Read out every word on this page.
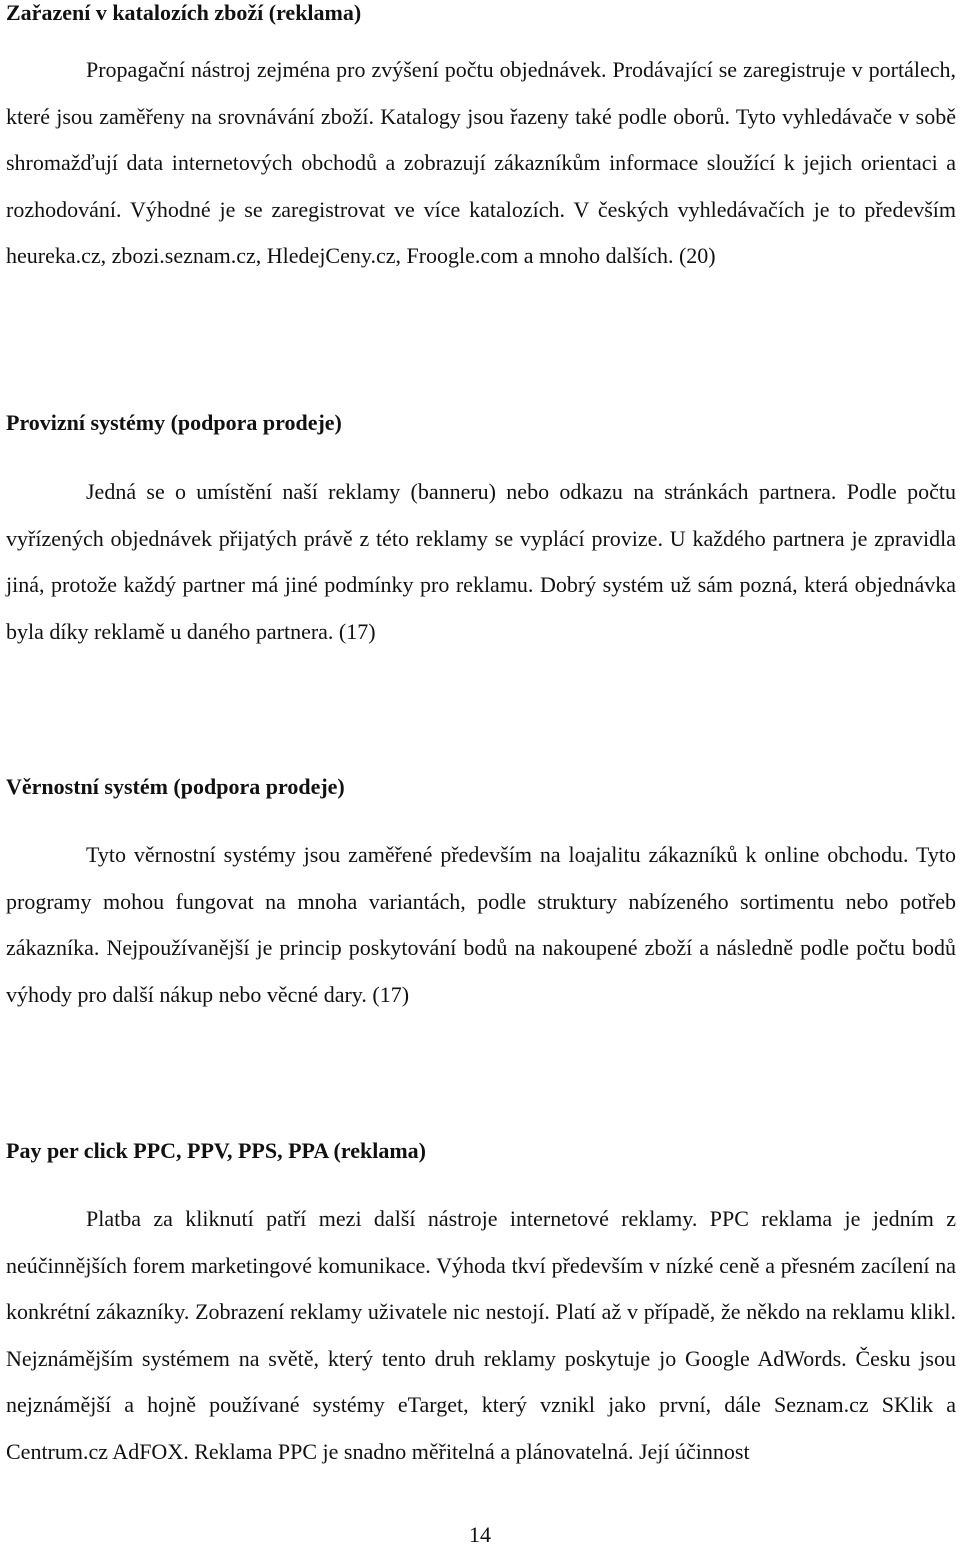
Zařazení v katalozích zboží (reklama)

Propagační nástroj zejména pro zvýšení počtu objednávek. Prodávající se zaregistruje v portálech, které jsou zaměřeny na srovnávání zboží. Katalogy jsou řazeny také podle oborů. Tyto vyhledávače v sobě shromažďují data internetových obchodů a zobrazují zákazníkům informace sloužící k jejich orientaci a rozhodování. Výhodné je se zaregistrovat ve více katalozích. V českých vyhledávačích je to především heureka.cz, zbozi.seznam.cz, HledejCeny.cz, Froogle.com a mnoho dalších. (20)

Provizní systémy (podpora prodeje)

Jedná se o umístění naší reklamy (banneru) nebo odkazu na stránkách partnera. Podle počtu vyřízených objednávek přijatých právě z této reklamy se vyplácí provize. U každého partnera je zpravidla jiná, protože každý partner má jiné podmínky pro reklamu. Dobrý systém už sám pozná, která objednávka byla díky reklamě u daného partnera. (17)

Věrnostní systém (podpora prodeje)

Tyto věrnostní systémy jsou zaměřené především na loajalitu zákazníků k online obchodu. Tyto programy mohou fungovat na mnoha variantách, podle struktury nabízeného sortimentu nebo potřeb zákazníka. Nejpoužívanější je princip poskytování bodů na nakoupené zboží a následně podle počtu bodů výhody pro další nákup nebo věcné dary. (17)

Pay per click PPC, PPV, PPS, PPA (reklama)

Platba za kliknutí patří mezi další nástroje internetové reklamy. PPC reklama je jedním z neúčinnějších forem marketingové komunikace. Výhoda tkví především v nízké ceně a přesném zacílení na konkrétní zákazníky. Zobrazení reklamy uživatele nic nestojí. Platí až v případě, že někdo na reklamu klikl. Nejznámějším systémem na světě, který tento druh reklamy poskytuje jo Google AdWords. Česku jsou nejznámější a hojně používané systémy eTarget, který vznikl jako první, dále Seznam.cz SKlik a Centrum.cz AdFOX. Reklama PPC je snadno měřitelná a plánovatelná. Její účinnost

14
